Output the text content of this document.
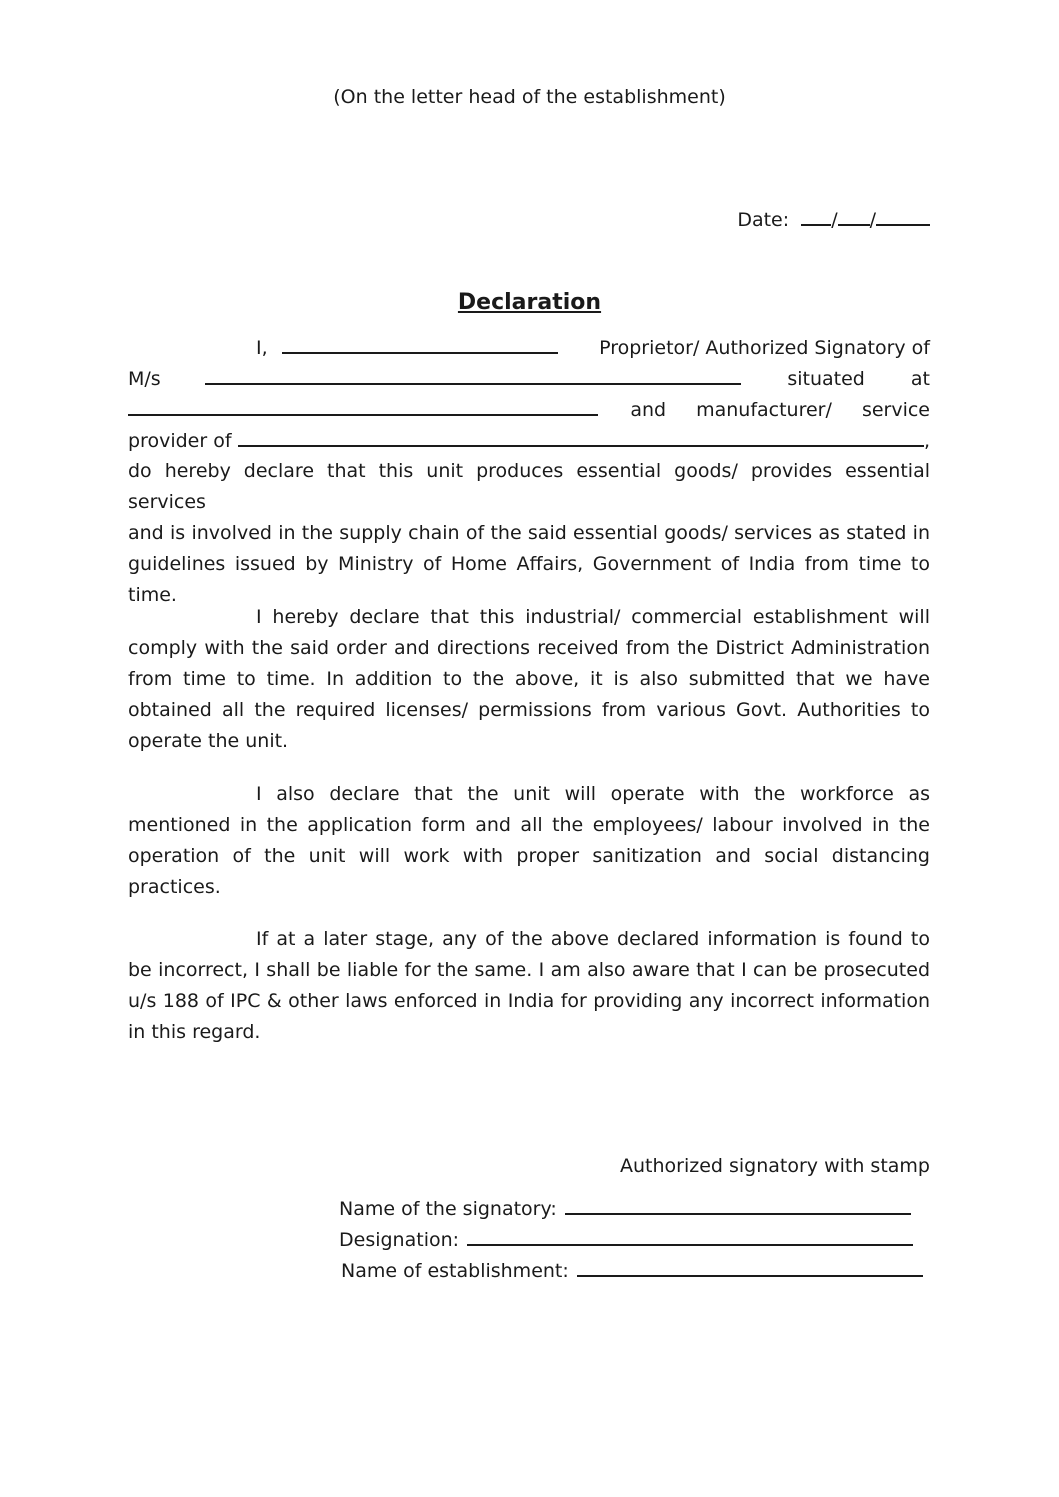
(On the letter head of the establishment)
Date: / /
Declaration
I,	Proprietor/ Authorized Signatory of
M/s	situated at
and manufacturer/ service
provider of	,
do hereby declare that this unit produces essential goods/ provides essential services
and is involved in the supply chain of the said essential goods/ services as stated in
guidelines issued by Ministry of Home Affairs, Government of India from time to
time.
I hereby declare that this industrial/ commercial establishment will
comply with the said order and directions received from the District Administration
from time to time. In addition to the above, it is also submitted that we have
obtained all the required licenses/ permissions from various Govt. Authorities to
operate the unit.
I also declare that the unit will operate with the workforce as
mentioned in the application form and all the employees/ labour involved in the
operation of the unit will work with proper sanitization and social distancing
practices.
If at a later stage, any of the above declared information is found to
be incorrect, I shall be liable for the same. I am also aware that I can be prosecuted
u/s 188 of IPC & other laws enforced in India for providing any incorrect information
in this regard.
Authorized signatory with stamp
Name of the signatory:
Designation:
Name of establishment:
